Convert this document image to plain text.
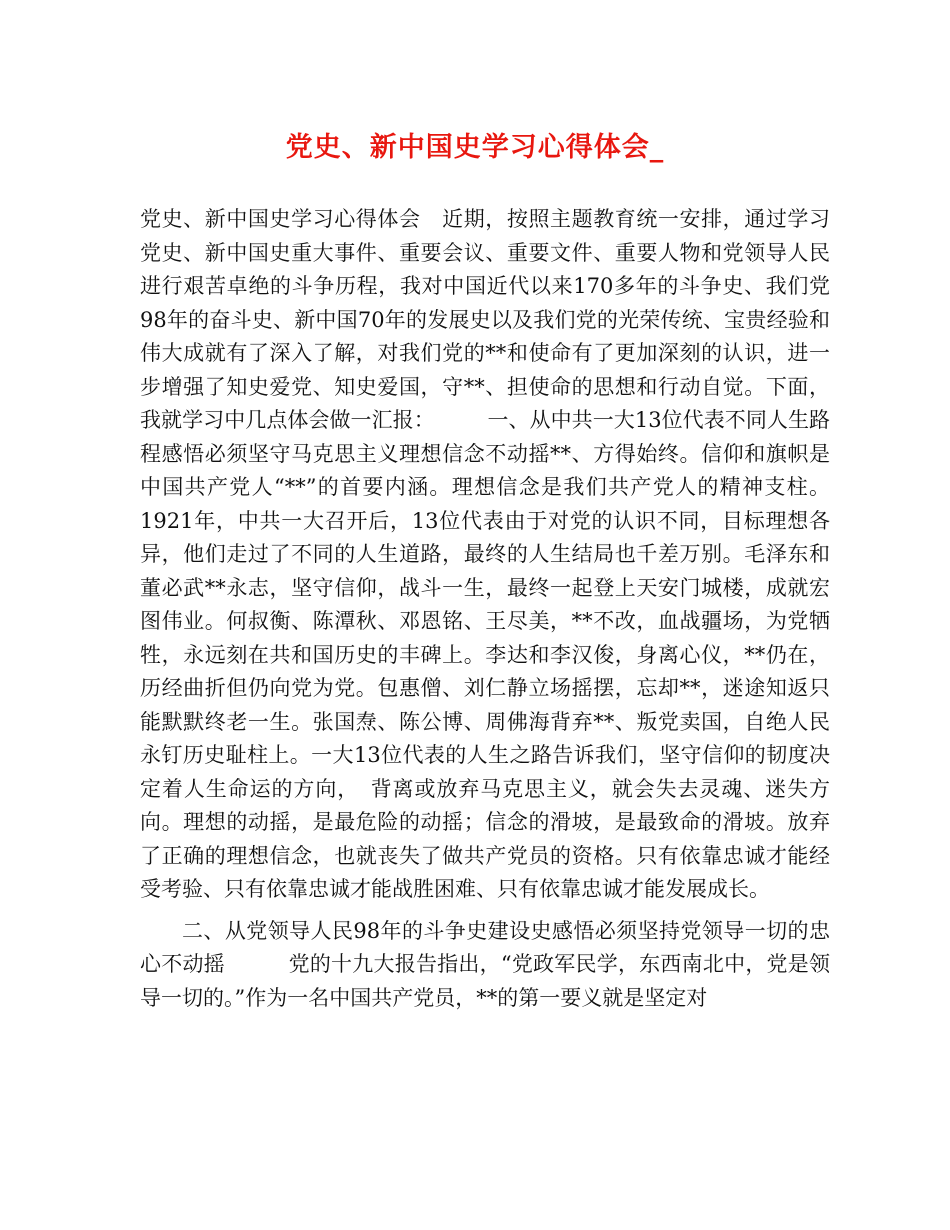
党史、新中国史学习心得体会_

党史、新中国史学习心得体会　近期，按照主题教育统一安排，通过学习党史、新中国史重大事件、重要会议、重要文件、重要人物和党领导人民进行艰苦卓绝的斗争历程，我对中国近代以来170多年的斗争史、我们党98年的奋斗史、新中国70年的发展史以及我们党的光荣传统、宝贵经验和伟大成就有了深入了解，对我们党的**和使命有了更加深刻的认识，进一步增强了知史爱党、知史爱国，守**、担使命的思想和行动自觉。下面，我就学习中几点体会做一汇报：　　　一、从中共一大13位代表不同人生路程感悟必须坚守马克思主义理想信念不动摇**、方得始终。信仰和旗帜是中国共产党人“**”的首要内涵。理想信念是我们共产党人的精神支柱。1921年，中共一大召开后，13位代表由于对党的认识不同，目标理想各异，他们走过了不同的人生道路，最终的人生结局也千差万别。毛泽东和董必武**永志，坚守信仰，战斗一生，最终一起登上天安门城楼，成就宏图伟业。何叔衡、陈潭秋、邓恩铭、王尽美，**不改，血战疆场，为党牺牲，永远刻在共和国历史的丰碑上。李达和李汉俊，身离心仪，**仍在，历经曲折但仍向党为党。包惠僧、刘仁静立场摇摆，忘却**，迷途知返只能默默终老一生。张国焘、陈公博、周佛海背弃**、叛党卖国，自绝人民永钉历史耻柱上。一大13位代表的人生之路告诉我们，坚守信仰的韧度决定着人生命运的方向，　背离或放弃马克思主义，就会失去灵魂、迷失方向。理想的动摇，是最危险的动摇；信念的滑坡，是最致命的滑坡。放弃了正确的理想信念，也就丧失了做共产党员的资格。只有依靠忠诚才能经受考验、只有依靠忠诚才能战胜困难、只有依靠忠诚才能发展成长。

二、从党领导人民98年的斗争史建设史感悟必须坚持党领导一切的忠心不动摇　　　党的十九大报告指出，“党政军民学，东西南北中，党是领导一切的。”作为一名中国共产党员，**的第一要义就是坚定对
